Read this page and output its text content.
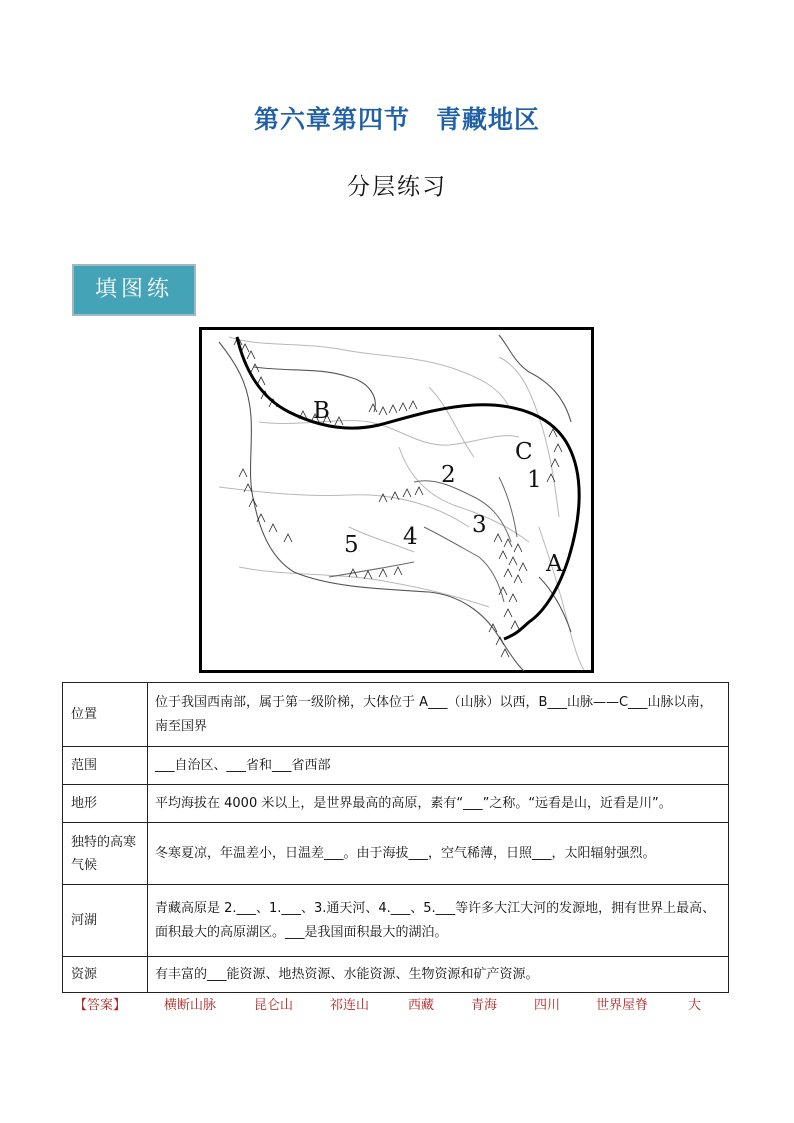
第六章第四节　青藏地区
分层练习
填图练
B
C
A
1
2
3
4
5
位置	位于我国西南部，属于第一级阶梯，大体位于 A___（山脉）以西，B___山脉——C___山脉以南，南至国界
范围	___自治区、___省和___省西部
地形	平均海拔在 4000 米以上，是世界最高的高原，素有“___”之称。“远看是山，近看是川”。
独特的高寒气候	冬寒夏凉，年温差小，日温差___。由于海拔___，空气稀薄，日照___，太阳辐射强烈。
河湖	青藏高原是 2.___、1.___、3.通天河、4.___、5.___等许多大江大河的发源地，拥有世界上最高、面积最大的高原湖区。___是我国面积最大的湖泊。
资源	有丰富的___能资源、地热资源、水能资源、生物资源和矿产资源。
【答案】	横断山脉	昆仑山	祁连山	西藏	青海	四川	世界屋脊	大
